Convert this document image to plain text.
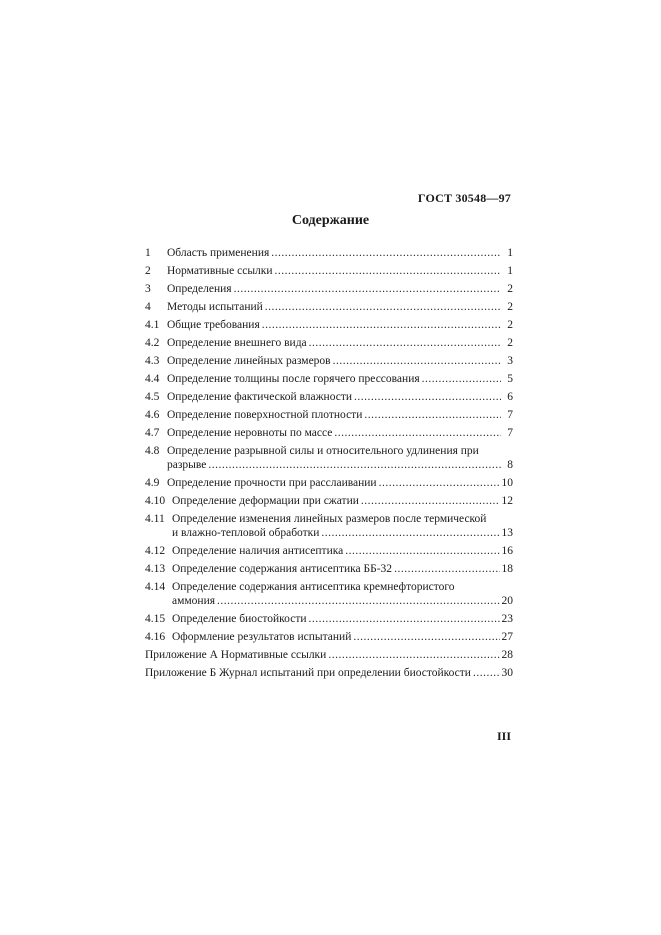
ГОСТ 30548—97
Содержание
1	Область применения .....	1
2	Нормативные ссылки .....	1
3	Определения .....	2
4	Методы испытаний .....	2
4.1 Общие требования .....	2
4.2 Определение внешнего вида .....	2
4.3 Определение линейных размеров .....	3
4.4 Определение толщины после горячего прессования .....	5
4.5 Определение фактической влажности .....	6
4.6 Определение поверхностной плотности .....	7
4.7 Определение неровноты по массе .....	7
4.8 Определение разрывной силы и относительного удлинения при
разрыве .....	8
4.9 Определение прочности при расслаивании .....	10
4.10 Определение деформации при сжатии .....	12
4.11 Определение изменения линейных размеров после термической
и влажно-тепловой обработки .....	13
4.12 Определение наличия антисептика .....	16
4.13 Определение содержания антисептика ББ-32 .....	18
4.14 Определение содержания антисептика кремнефтористого
аммония .....	20
4.15 Определение биостойкости .....	23
4.16 Оформление результатов испытаний .....	27
Приложение А Нормативные ссылки .....	28
Приложение Б Журнал испытаний при определении биостойкости .....	30
III
